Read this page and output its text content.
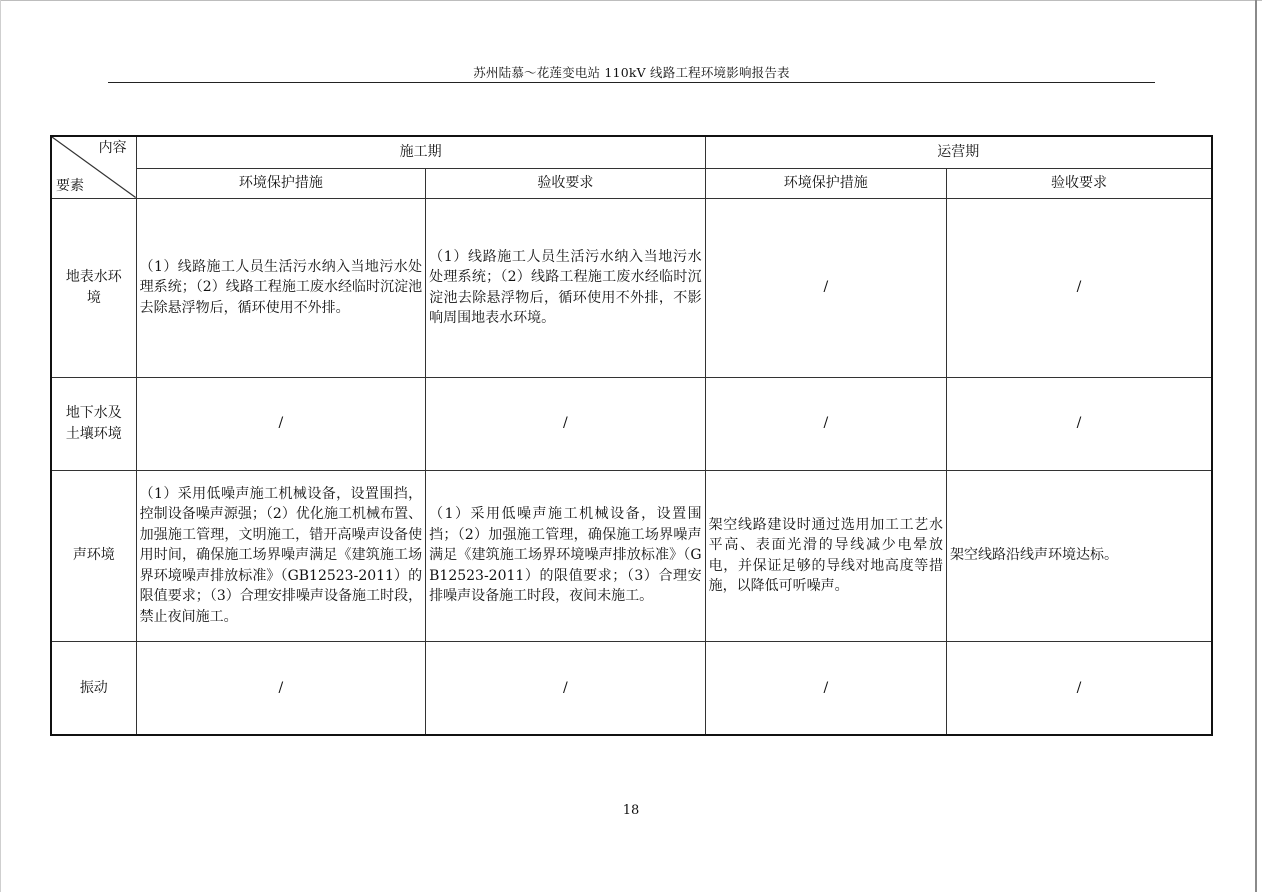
苏州陆慕～花莲变电站 110kV 线路工程环境影响报告表
内容
要素	施工期		运营期	
	环境保护措施	验收要求	环境保护措施	验收要求
地表水环境	（1）线路施工人员生活污水纳入当地污水处理系统；（2）线路工程施工废水经临时沉淀池去除悬浮物后，循环使用不外排。	（1）线路施工人员生活污水纳入当地污水处理系统；（2）线路工程施工废水经临时沉淀池去除悬浮物后，循环使用不外排，不影响周围地表水环境。	/	/
地下水及土壤环境	/	/	/	/
声环境	（1）采用低噪声施工机械设备，设置围挡，控制设备噪声源强；（2）优化施工机械布置、加强施工管理，文明施工，错开高噪声设备使用时间，确保施工场界噪声满足《建筑施工场界环境噪声排放标准》（GB12523-2011）的限值要求；（3）合理安排噪声设备施工时段，禁止夜间施工。	（1）采用低噪声施工机械设备，设置围挡；（2）加强施工管理，确保施工场界噪声满足《建筑施工场界环境噪声排放标准》（GB12523-2011）的限值要求；（3）合理安排噪声设备施工时段，夜间未施工。	架空线路建设时通过选用加工工艺水平高、表面光滑的导线减少电晕放电，并保证足够的导线对地高度等措施，以降低可听噪声。	架空线路沿线声环境达标。
振动	/	/	/	/
18
